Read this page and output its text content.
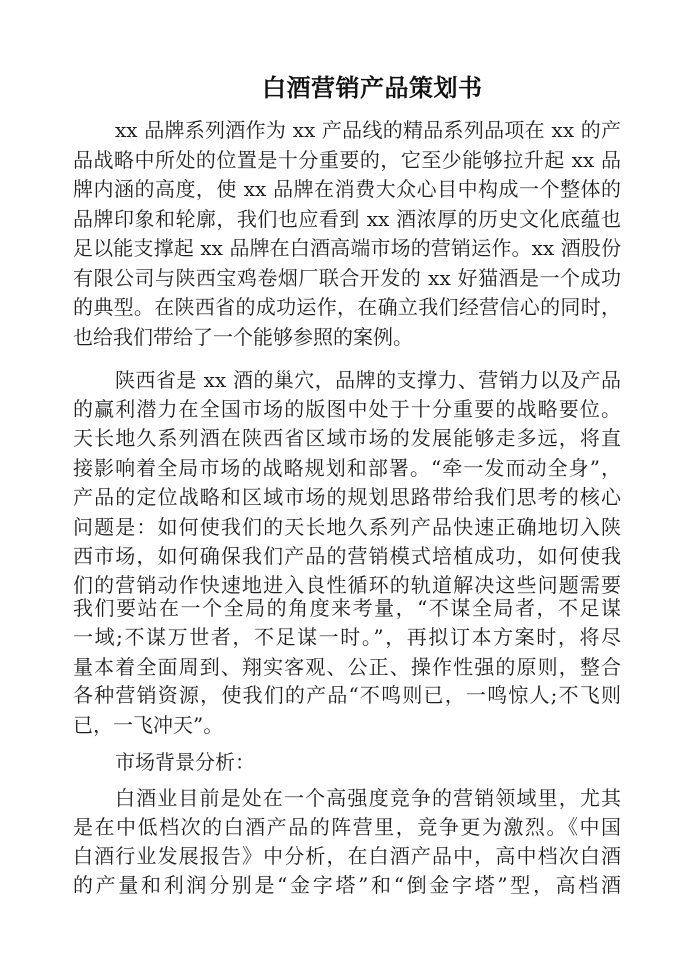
白酒营销产品策划书
xx 品牌系列酒作为 xx 产品线的精品系列品项在 xx 的产
品战略中所处的位置是十分重要的，它至少能够拉升起 xx 品
牌内涵的高度，使 xx 品牌在消费大众心目中构成一个整体的
品牌印象和轮廓，我们也应看到 xx 酒浓厚的历史文化底蕴也
足以能支撑起 xx 品牌在白酒高端市场的营销运作。xx 酒股份
有限公司与陕西宝鸡卷烟厂联合开发的 xx 好猫酒是一个成功
的典型。在陕西省的成功运作，在确立我们经营信心的同时，
也给我们带给了一个能够参照的案例。
陕西省是 xx 酒的巢穴，品牌的支撑力、营销力以及产品
的赢利潜力在全国市场的版图中处于十分重要的战略要位。
天长地久系列酒在陕西省区域市场的发展能够走多远，将直
接影响着全局市场的战略规划和部署。“牵一发而动全身”，
产品的定位战略和区域市场的规划思路带给我们思考的核心
问题是：如何使我们的天长地久系列产品快速正确地切入陕
西市场，如何确保我们产品的营销模式培植成功，如何使我
们的营销动作快速地进入良性循环的轨道解决这些问题需要
我们要站在一个全局的角度来考量，“不谋全局者，不足谋
一域;不谋万世者，不足谋一时。”，再拟订本方案时，将尽
量本着全面周到、翔实客观、公正、操作性强的原则，整合
各种营销资源，使我们的产品“不鸣则已，一鸣惊人;不飞则
已，一飞冲天”。
市场背景分析：
白酒业目前是处在一个高强度竞争的营销领域里，尤其
是在中低档次的白酒产品的阵营里，竞争更为激烈。《中国
白酒行业发展报告》中分析，在白酒产品中，高中档次白酒
的产量和利润分别是“金字塔”和“倒金字塔”型，高档酒
